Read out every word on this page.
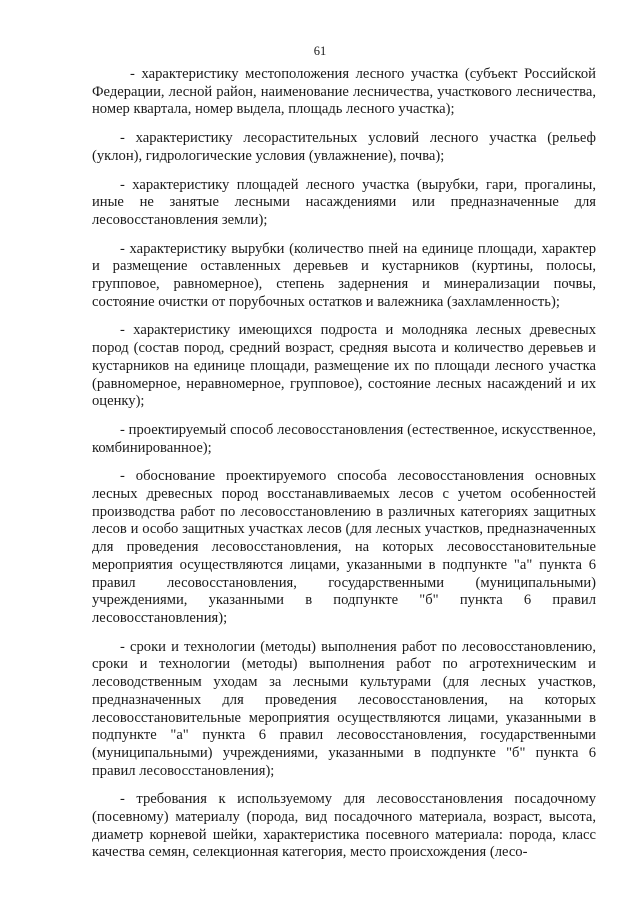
61

- характеристику местоположения лесного участка (субъект Российской Федерации, лесной район, наименование лесничества, участкового лесничества, номер квартала, номер выдела, площадь лесного участка);

- характеристику лесорастительных условий лесного участка (рельеф (уклон), гидрологические условия (увлажнение), почва);

- характеристику площадей лесного участка (вырубки, гари, прогалины, иные не занятые лесными насаждениями или предназначенные для лесовосстановления земли);

- характеристику вырубки (количество пней на единице площади, характер и размещение оставленных деревьев и кустарников (куртины, полосы, групповое, равномерное), степень задернения и минерализации почвы, состояние очистки от порубочных остатков и валежника (захламленность);

- характеристику имеющихся подроста и молодняка лесных древесных пород (состав пород, средний возраст, средняя высота и количество деревьев и кустарников на единице площади, размещение их по площади лесного участка (равномерное, неравномерное, групповое), состояние лесных насаждений и их оценку);

- проектируемый способ лесовосстановления (естественное, искусственное, комбинированное);

- обоснование проектируемого способа лесовосстановления основных лесных древесных пород восстанавливаемых лесов с учетом особенностей производства работ по лесовосстановлению в различных категориях защитных лесов и особо защитных участках лесов (для лесных участков, предназначенных для проведения лесовосстановления, на которых лесовосстановительные мероприятия осуществляются лицами, указанными в подпункте "а" пункта 6 правил лесовосстановления, государственными (муниципальными) учреждениями, указанными в подпункте "б" пункта 6 правил лесовосстановления);

- сроки и технологии (методы) выполнения работ по лесовосстановлению, сроки и технологии (методы) выполнения работ по агротехническим и лесоводственным уходам за лесными культурами (для лесных участков, предназначенных для проведения лесовосстановления, на которых лесовосстановительные мероприятия осуществляются лицами, указанными в подпункте "а" пункта 6 правил лесовосстановления, государственными (муниципальными) учреждениями, указанными в подпункте "б" пункта 6 правил лесовосстановления);

- требования к используемому для лесовосстановления посадочному (посевному) материалу (порода, вид посадочного материала, возраст, высота, диаметр корневой шейки, характеристика посевного материала: порода, класс качества семян, селекционная категория, место происхождения (лесо-
